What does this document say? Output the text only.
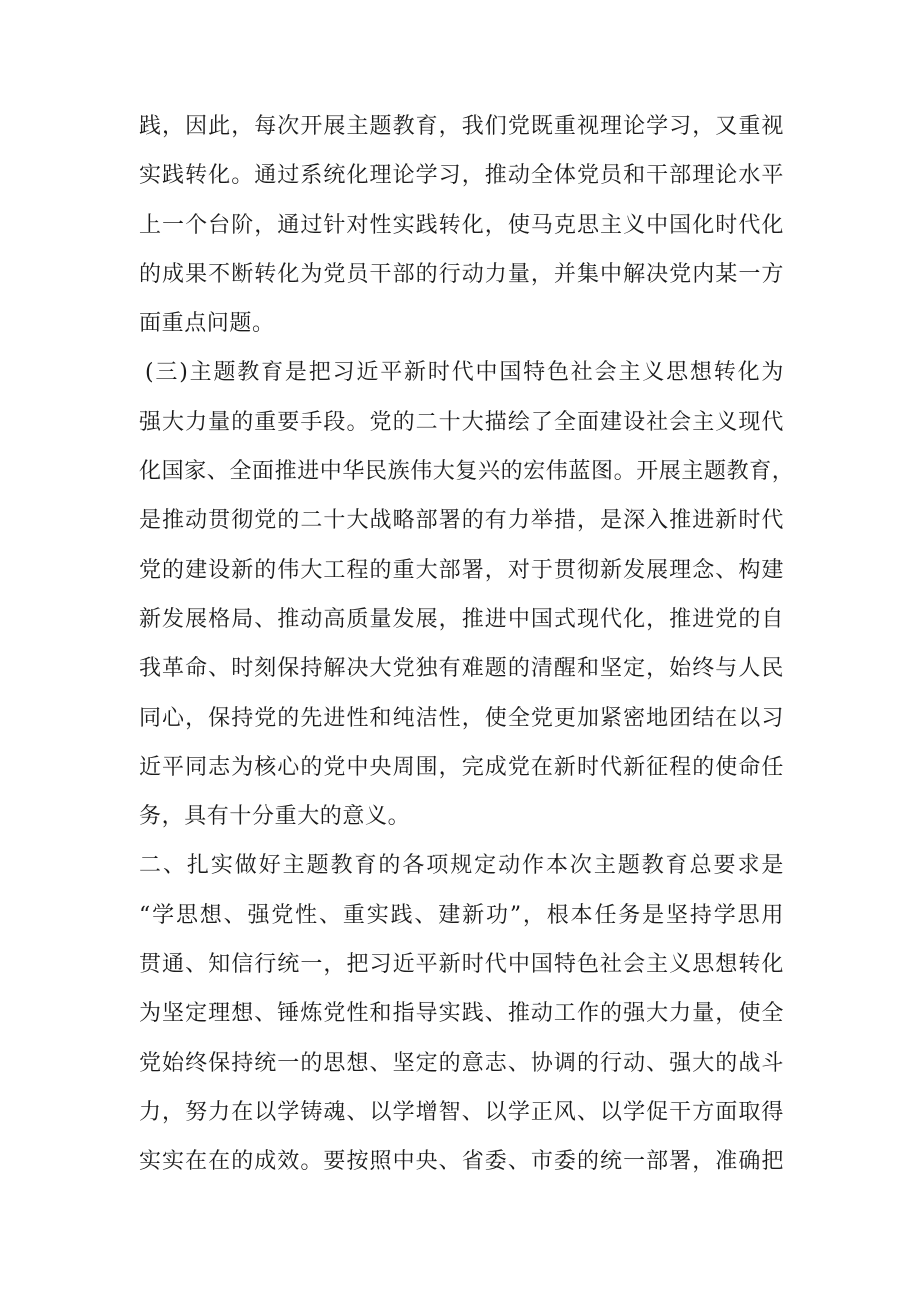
践，因此，每次开展主题教育，我们党既重视理论学习，又重视
实践转化。通过系统化理论学习，推动全体党员和干部理论水平
上一个台阶，通过针对性实践转化，使马克思主义中国化时代化
的成果不断转化为党员干部的行动力量，并集中解决党内某一方
面重点问题。
(三)主题教育是把习近平新时代中国特色社会主义思想转化为
强大力量的重要手段。党的二十大描绘了全面建设社会主义现代
化国家、全面推进中华民族伟大复兴的宏伟蓝图。开展主题教育，
是推动贯彻党的二十大战略部署的有力举措，是深入推进新时代
党的建设新的伟大工程的重大部署，对于贯彻新发展理念、构建
新发展格局、推动高质量发展，推进中国式现代化，推进党的自
我革命、时刻保持解决大党独有难题的清醒和坚定，始终与人民
同心，保持党的先进性和纯洁性，使全党更加紧密地团结在以习
近平同志为核心的党中央周围，完成党在新时代新征程的使命任
务，具有十分重大的意义。
二、扎实做好主题教育的各项规定动作本次主题教育总要求是
“学思想、强党性、重实践、建新功”，根本任务是坚持学思用
贯通、知信行统一，把习近平新时代中国特色社会主义思想转化
为坚定理想、锤炼党性和指导实践、推动工作的强大力量，使全
党始终保持统一的思想、坚定的意志、协调的行动、强大的战斗
力，努力在以学铸魂、以学增智、以学正风、以学促干方面取得
实实在在的成效。要按照中央、省委、市委的统一部署，准确把
